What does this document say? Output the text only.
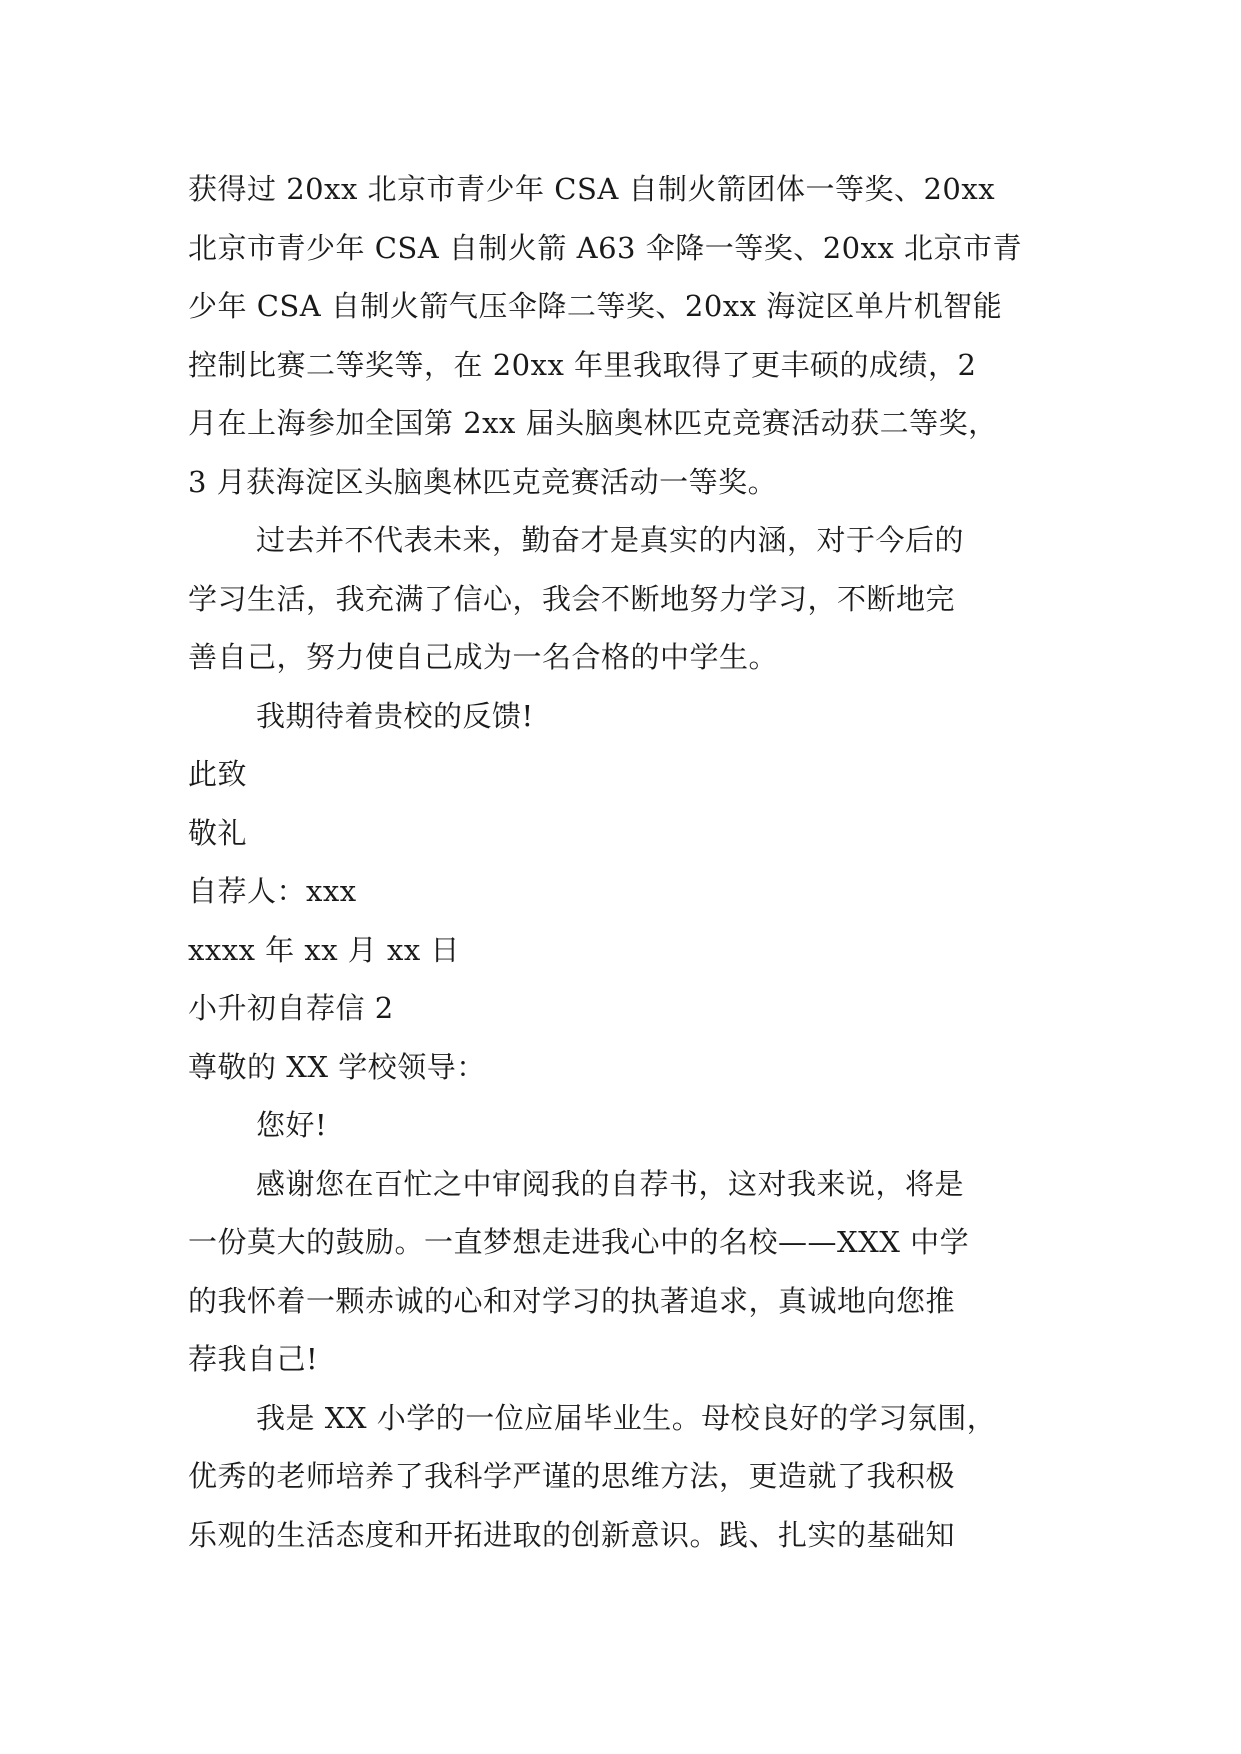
获得过 20xx 北京市青少年 CSA 自制火箭团体一等奖、20xx
北京市青少年 CSA 自制火箭 A63 伞降一等奖、20xx 北京市青
少年 CSA 自制火箭气压伞降二等奖、20xx 海淀区单片机智能
控制比赛二等奖等，在 20xx 年里我取得了更丰硕的成绩，2
月在上海参加全国第 2xx 届头脑奥林匹克竞赛活动获二等奖，
3 月获海淀区头脑奥林匹克竞赛活动一等奖。
过去并不代表未来，勤奋才是真实的内涵，对于今后的
学习生活，我充满了信心，我会不断地努力学习，不断地完
善自己，努力使自己成为一名合格的中学生。
我期待着贵校的反馈!
此致
敬礼
自荐人：xxx
xxxx 年 xx 月 xx 日
小升初自荐信 2
尊敬的 XX 学校领导：
您好!
感谢您在百忙之中审阅我的自荐书，这对我来说，将是
一份莫大的鼓励。一直梦想走进我心中的名校——XXX 中学
的我怀着一颗赤诚的心和对学习的执著追求，真诚地向您推
荐我自己!
我是 XX 小学的一位应届毕业生。母校良好的学习氛围，
优秀的老师培养了我科学严谨的思维方法，更造就了我积极
乐观的生活态度和开拓进取的创新意识。践、扎实的基础知
